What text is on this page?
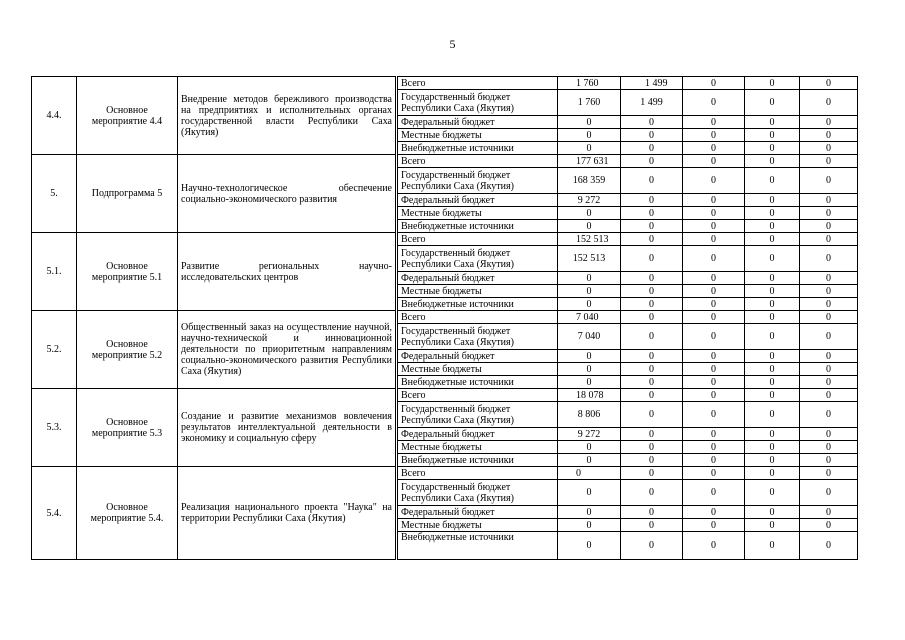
5
4.4.	Основное мероприятие 4.4	Внедрение методов бережливого производства на предприятиях и исполнительных органах государственной власти Республики Саха (Якутия)	Всего	1 760	1 499	0	0	0
			Государственный бюджет Республики Саха (Якутия)	1 760	1 499	0	0	0
			Федеральный бюджет	0	0	0	0	0
			Местные бюджеты	0	0	0	0	0
			Внебюджетные источники	0	0	0	0	0
5.	Подпрограмма 5	Научно-технологическое обеспечение социально-экономического развития	Всего	177 631	0	0	0	0
			Государственный бюджет Республики Саха (Якутия)	168 359	0	0	0	0
			Федеральный бюджет	9 272	0	0	0	0
			Местные бюджеты	0	0	0	0	0
			Внебюджетные источники	0	0	0	0	0
5.1.	Основное мероприятие 5.1	Развитие региональных научно-исследовательских центров	Всего	152 513	0	0	0	0
			Государственный бюджет Республики Саха (Якутия)	152 513	0	0	0	0
			Федеральный бюджет	0	0	0	0	0
			Местные бюджеты	0	0	0	0	0
			Внебюджетные источники	0	0	0	0	0
5.2.	Основное мероприятие 5.2	Общественный заказ на осуществление научной, научно-технической и инновационной деятельности по приоритетным направлениям социально-экономического развития Республики Саха (Якутия)	Всего	7 040	0	0	0	0
			Государственный бюджет Республики Саха (Якутия)	7 040	0	0	0	0
			Федеральный бюджет	0	0	0	0	0
			Местные бюджеты	0	0	0	0	0
			Внебюджетные источники	0	0	0	0	0
5.3.	Основное мероприятие 5.3	Создание и развитие механизмов вовлечения результатов интеллектуальной деятельности в экономику и социальную сферу	Всего	18 078	0	0	0	0
			Государственный бюджет Республики Саха (Якутия)	8 806	0	0	0	0
			Федеральный бюджет	9 272	0	0	0	0
			Местные бюджеты	0	0	0	0	0
			Внебюджетные источники	0	0	0	0	0
5.4.	Основное мероприятие 5.4.	Реализация национального проекта "Наука" на территории Республики Саха (Якутия)	Всего	0	0	0	0	0
			Государственный бюджет Республики Саха (Якутия)	0	0	0	0	0
			Федеральный бюджет	0	0	0	0	0
			Местные бюджеты	0	0	0	0	0
			Внебюджетные источники	0	0	0	0	0
